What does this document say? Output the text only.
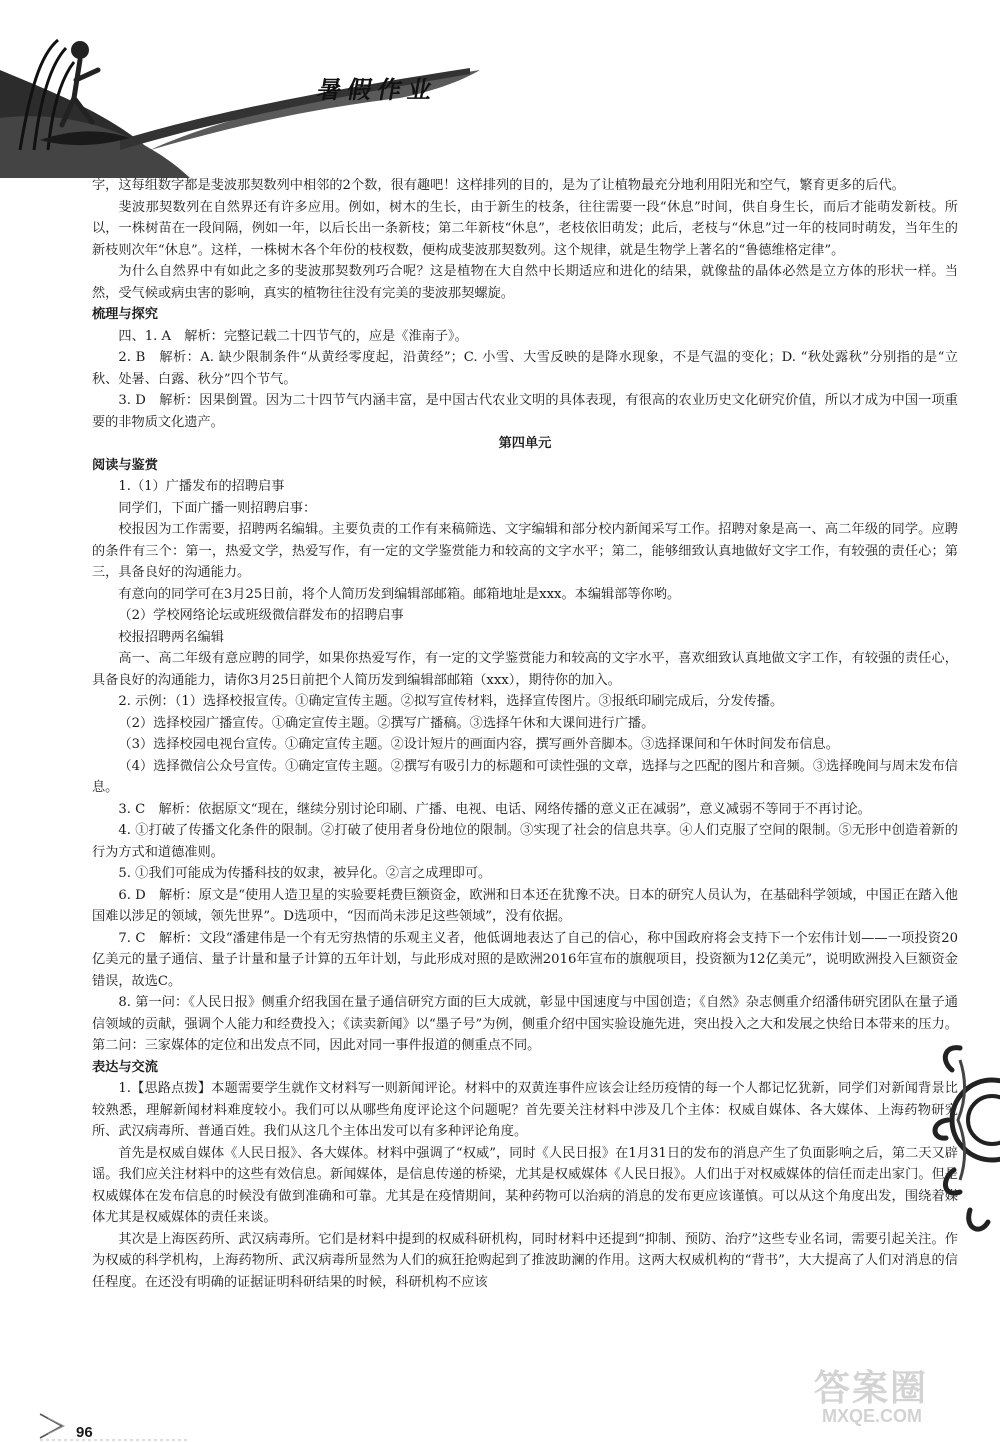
暑假作业

字，这每组数字都是斐波那契数列中相邻的2个数，很有趣吧！这样排列的目的，是为了让植物最充分地利用阳光和空气，繁育更多的后代。

斐波那契数列在自然界还有许多应用。例如，树木的生长，由于新生的枝条，往往需要一段“休息”时间，供自身生长，而后才能萌发新枝。所以，一株树苗在一段间隔，例如一年，以后长出一条新枝；第二年新枝“休息”，老枝依旧萌发；此后，老枝与“休息”过一年的枝同时萌发，当年生的新枝则次年“休息”。这样，一株树木各个年份的枝杈数，便构成斐波那契数列。这个规律，就是生物学上著名的“鲁德维格定律”。

为什么自然界中有如此之多的斐波那契数列巧合呢？这是植物在大自然中长期适应和进化的结果，就像盐的晶体必然是立方体的形状一样。当然，受气候或病虫害的影响，真实的植物往往没有完美的斐波那契螺旋。

梳理与探究

四、1. A　解析：完整记载二十四节气的，应是《淮南子》。

2. B　解析：A. 缺少限制条件“从黄经零度起，沿黄经”；C. 小雪、大雪反映的是降水现象，不是气温的变化；D. “秋处露秋”分别指的是“立秋、处暑、白露、秋分”四个节气。

3. D　解析：因果倒置。因为二十四节气内涵丰富，是中国古代农业文明的具体表现，有很高的农业历史文化研究价值，所以才成为中国一项重要的非物质文化遗产。

第四单元

阅读与鉴赏

1.（1）广播发布的招聘启事

同学们，下面广播一则招聘启事：

校报因为工作需要，招聘两名编辑。主要负责的工作有来稿筛选、文字编辑和部分校内新闻采写工作。招聘对象是高一、高二年级的同学。应聘的条件有三个：第一，热爱文学，热爱写作，有一定的文学鉴赏能力和较高的文字水平；第二，能够细致认真地做好文字工作，有较强的责任心；第三，具备良好的沟通能力。

有意向的同学可在3月25日前，将个人简历发到编辑部邮箱。邮箱地址是xxx。本编辑部等你哟。

（2）学校网络论坛或班级微信群发布的招聘启事

校报招聘两名编辑

高一、高二年级有意应聘的同学，如果你热爱写作，有一定的文学鉴赏能力和较高的文字水平，喜欢细致认真地做文字工作，有较强的责任心，具备良好的沟通能力，请你3月25日前把个人简历发到编辑部邮箱（xxx），期待你的加入。

2. 示例：（1）选择校报宣传。①确定宣传主题。②拟写宣传材料，选择宣传图片。③报纸印刷完成后，分发传播。

（2）选择校园广播宣传。①确定宣传主题。②撰写广播稿。③选择午休和大课间进行广播。

（3）选择校园电视台宣传。①确定宣传主题。②设计短片的画面内容，撰写画外音脚本。③选择课间和午休时间发布信息。

（4）选择微信公众号宣传。①确定宣传主题。②撰写有吸引力的标题和可读性强的文章，选择与之匹配的图片和音频。③选择晚间与周末发布信息。

3. C　解析：依据原文“现在，继续分别讨论印刷、广播、电视、电话、网络传播的意义正在减弱”，意义减弱不等同于不再讨论。

4. ①打破了传播文化条件的限制。②打破了使用者身份地位的限制。③实现了社会的信息共享。④人们克服了空间的限制。⑤无形中创造着新的行为方式和道德准则。

5. ①我们可能成为传播科技的奴隶，被异化。②言之成理即可。

6. D　解析：原文是“使用人造卫星的实验要耗费巨额资金，欧洲和日本还在犹豫不决。日本的研究人员认为，在基础科学领域，中国正在踏入他国难以涉足的领域，领先世界”。D选项中，“因而尚未涉足这些领域”，没有依据。

7. C　解析：文段“潘建伟是一个有无穷热情的乐观主义者，他低调地表达了自己的信心，称中国政府将会支持下一个宏伟计划——一项投资20亿美元的量子通信、量子计量和量子计算的五年计划，与此形成对照的是欧洲2016年宣布的旗舰项目，投资额为12亿美元”，说明欧洲投入巨额资金错误，故选C。

8. 第一问：《人民日报》侧重介绍我国在量子通信研究方面的巨大成就，彰显中国速度与中国创造；《自然》杂志侧重介绍潘伟研究团队在量子通信领域的贡献，强调个人能力和经费投入；《读卖新闻》以“墨子号”为例，侧重介绍中国实验设施先进，突出投入之大和发展之快给日本带来的压力。第二问：三家媒体的定位和出发点不同，因此对同一事件报道的侧重点不同。

表达与交流

1.【思路点拨】本题需要学生就作文材料写一则新闻评论。材料中的双黄连事件应该会让经历疫情的每一个人都记忆犹新，同学们对新闻背景比较熟悉，理解新闻材料难度较小。我们可以从哪些角度评论这个问题呢？首先要关注材料中涉及几个主体：权威自媒体、各大媒体、上海药物研究所、武汉病毒所、普通百姓。我们从这几个主体出发可以有多种评论角度。

首先是权威自媒体《人民日报》、各大媒体。材料中强调了“权威”，同时《人民日报》在1月31日的发布的消息产生了负面影响之后，第二天又辟谣。我们应关注材料中的这些有效信息。新闻媒体，是信息传递的桥梁，尤其是权威媒体《人民日报》。人们出于对权威媒体的信任而走出家门。但是权威媒体在发布信息的时候没有做到准确和可靠。尤其是在疫情期间，某种药物可以治病的消息的发布更应该谨慎。可以从这个角度出发，围绕着媒体尤其是权威媒体的责任来谈。

其次是上海医药所、武汉病毒所。它们是材料中提到的权威科研机构，同时材料中还提到“抑制、预防、治疗”这些专业名词，需要引起关注。作为权威的科学机构，上海药物所、武汉病毒所显然为人们的疯狂抢购起到了推波助澜的作用。这两大权威机构的“背书”，大大提高了人们对消息的信任程度。在还没有明确的证据证明科研结果的时候，科研机构不应该

96
答案圈
MXQE.COM
